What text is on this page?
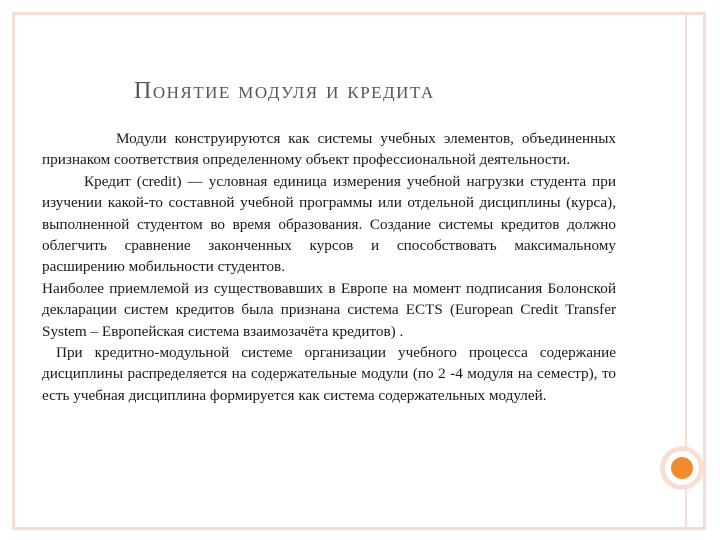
Понятие модуля и кредита

Модули конструируются как системы учебных элементов, объединенных признаком соответствия определенному объект профессиональной деятельности.

Кредит (credit) — условная единица измерения учебной нагрузки студента при изучении какой-то составной учебной программы или отдельной дисциплины (курса), выполненной студентом во время образования. Создание системы кредитов должно облегчить сравнение законченных курсов и способствовать максимальному расширению мобильности студентов.

Наиболее приемлемой из существовавших в Европе на момент подписания Болонской декларации систем кредитов была признана система ECTS (European Credit Transfer System – Европейская система взаимозачёта кредитов) .

При кредитно-модульной системе организации учебного процесса содержание дисциплины распределяется на содержательные модули (по 2 -4 модуля на семестр), то есть учебная дисциплина формируется как система содержательных модулей.
